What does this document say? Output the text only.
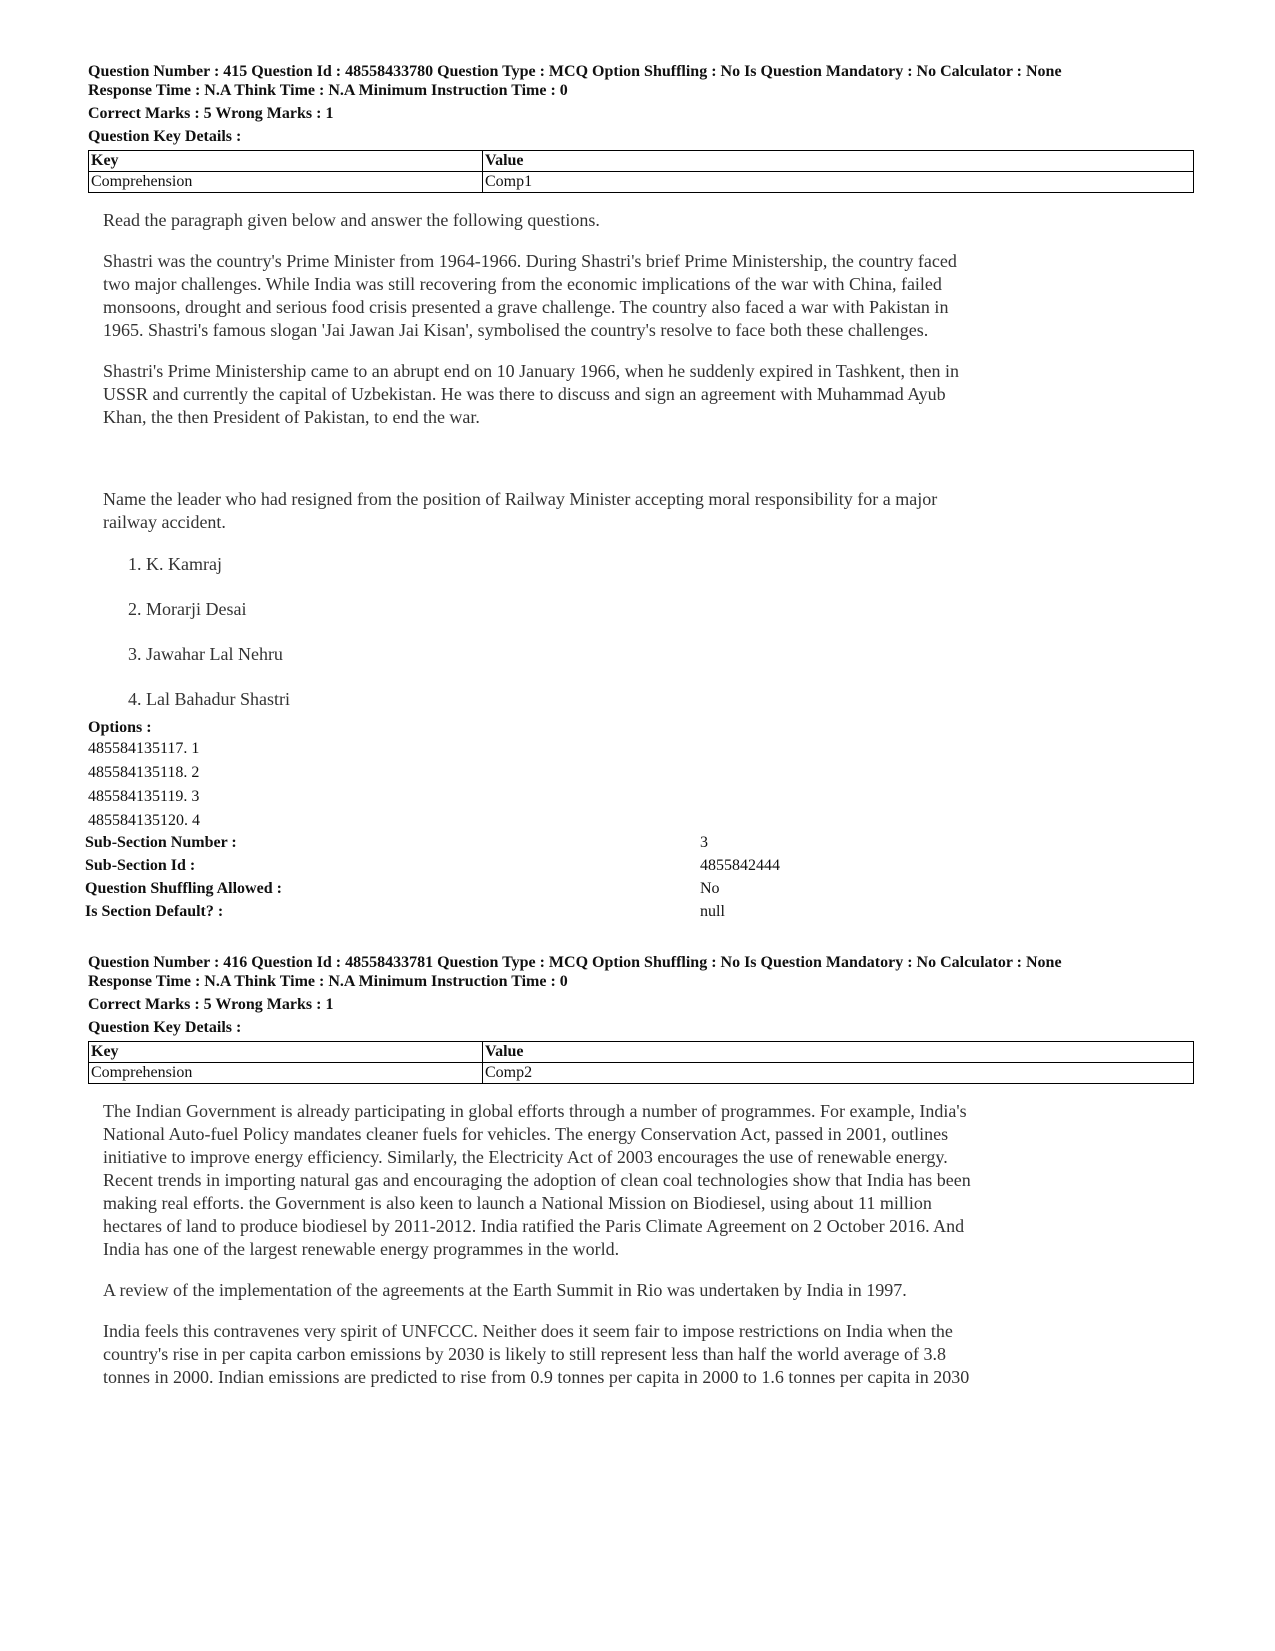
Question Number : 415 Question Id : 48558433780 Question Type : MCQ Option Shuffling : No Is Question Mandatory : No Calculator : None
Response Time : N.A Think Time : N.A Minimum Instruction Time : 0
Correct Marks : 5 Wrong Marks : 1
Question Key Details :
Key	Value
Comprehension	Comp1

Read the paragraph given below and answer the following questions.

Shastri was the country's Prime Minister from 1964-1966. During Shastri's brief Prime Ministership, the country faced two major challenges. While India was still recovering from the economic implications of the war with China, failed monsoons, drought and serious food crisis presented a grave challenge. The country also faced a war with Pakistan in 1965. Shastri's famous slogan 'Jai Jawan Jai Kisan', symbolised the country's resolve to face both these challenges.

Shastri's Prime Ministership came to an abrupt end on 10 January 1966, when he suddenly expired in Tashkent, then in USSR and currently the capital of Uzbekistan. He was there to discuss and sign an agreement with Muhammad Ayub Khan, the then President of Pakistan, to end the war.

Name the leader who had resigned from the position of Railway Minister accepting moral responsibility for a major railway accident.
1. K. Kamraj
2. Morarji Desai
3. Jawahar Lal Nehru
4. Lal Bahadur Shastri
Options :
485584135117. 1
485584135118. 2
485584135119. 3
485584135120. 4
Sub-Section Number :	3
Sub-Section Id :	4855842444
Question Shuffling Allowed :	No
Is Section Default? :	null
Question Number : 416 Question Id : 48558433781 Question Type : MCQ Option Shuffling : No Is Question Mandatory : No Calculator : None
Response Time : N.A Think Time : N.A Minimum Instruction Time : 0
Correct Marks : 5 Wrong Marks : 1
Question Key Details :
Key	Value
Comprehension	Comp2

The Indian Government is already participating in global efforts through a number of programmes. For example, India's National Auto-fuel Policy mandates cleaner fuels for vehicles. The energy Conservation Act, passed in 2001, outlines initiative to improve energy efficiency. Similarly, the Electricity Act of 2003 encourages the use of renewable energy. Recent trends in importing natural gas and encouraging the adoption of clean coal technologies show that India has been making real efforts. the Government is also keen to launch a National Mission on Biodiesel, using about 11 million hectares of land to produce biodiesel by 2011-2012. India ratified the Paris Climate Agreement on 2 October 2016. And India has one of the largest renewable energy programmes in the world.

A review of the implementation of the agreements at the Earth Summit in Rio was undertaken by India in 1997.

India feels this contravenes very spirit of UNFCCC. Neither does it seem fair to impose restrictions on India when the country's rise in per capita carbon emissions by 2030 is likely to still represent less than half the world average of 3.8 tonnes in 2000. Indian emissions are predicted to rise from 0.9 tonnes per capita in 2000 to 1.6 tonnes per capita in 2030
